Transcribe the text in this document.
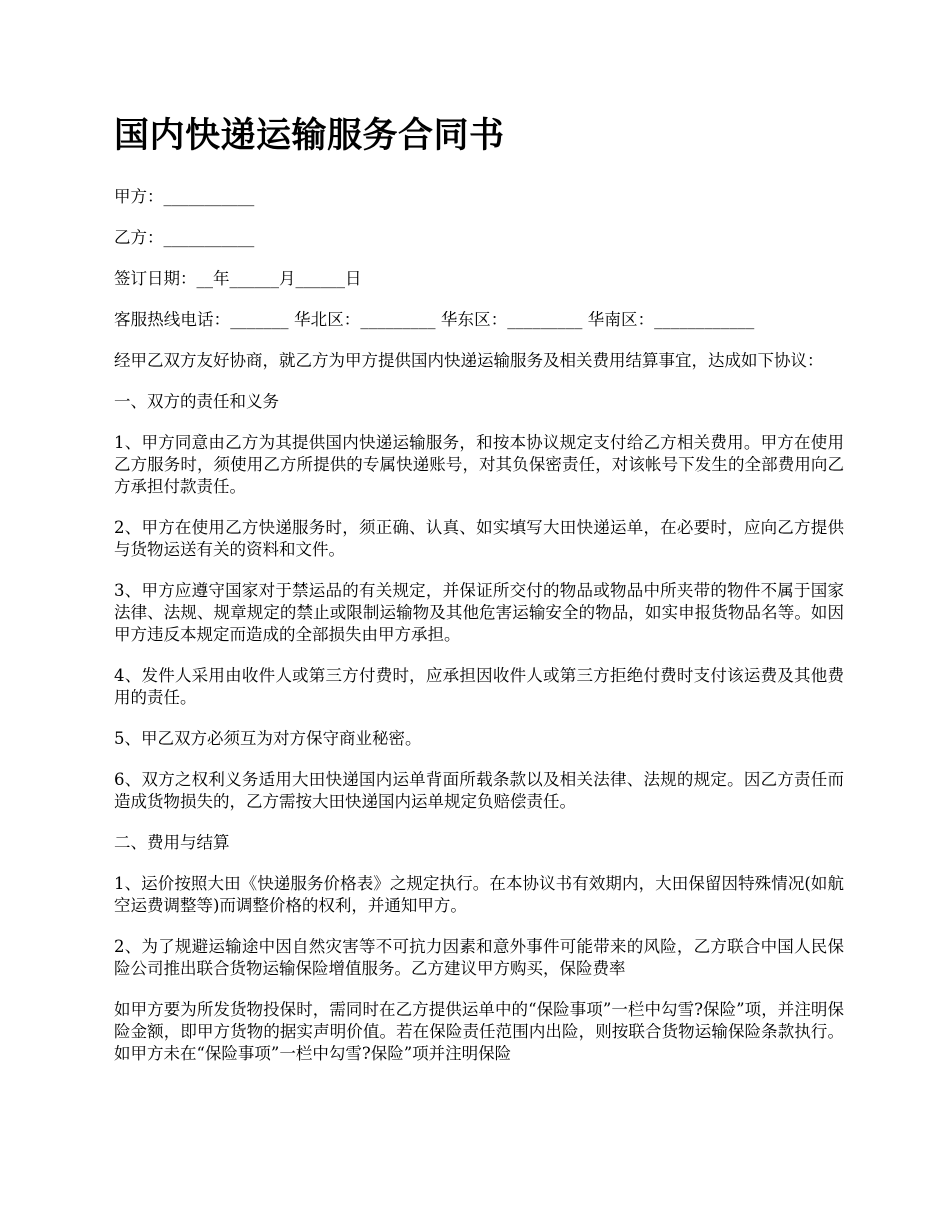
国内快递运输服务合同书

甲方：___________

乙方：___________

签订日期：__年______月______日

客服热线电话：_______ 华北区：_________ 华东区：_________ 华南区：____________

经甲乙双方友好协商，就乙方为甲方提供国内快递运输服务及相关费用结算事宜，达成如下协议：

一、双方的责任和义务

1、甲方同意由乙方为其提供国内快递运输服务，和按本协议规定支付给乙方相关费用。甲方在使用乙方服务时，须使用乙方所提供的专属快递账号，对其负保密责任，对该帐号下发生的全部费用向乙方承担付款责任。

2、甲方在使用乙方快递服务时，须正确、认真、如实填写大田快递运单，在必要时，应向乙方提供与货物运送有关的资料和文件。

3、甲方应遵守国家对于禁运品的有关规定，并保证所交付的物品或物品中所夹带的物件不属于国家法律、法规、规章规定的禁止或限制运输物及其他危害运输安全的物品，如实申报货物品名等。如因甲方违反本规定而造成的全部损失由甲方承担。

4、发件人采用由收件人或第三方付费时，应承担因收件人或第三方拒绝付费时支付该运费及其他费用的责任。

5、甲乙双方必须互为对方保守商业秘密。

6、双方之权利义务适用大田快递国内运单背面所载条款以及相关法律、法规的规定。因乙方责任而造成货物损失的，乙方需按大田快递国内运单规定负赔偿责任。

二、费用与结算

1、运价按照大田《快递服务价格表》之规定执行。在本协议书有效期内，大田保留因特殊情况(如航空运费调整等)而调整价格的权利，并通知甲方。

2、为了规避运输途中因自然灾害等不可抗力因素和意外事件可能带来的风险，乙方联合中国人民保险公司推出联合货物运输保险增值服务。乙方建议甲方购买，保险费率

如甲方要为所发货物投保时，需同时在乙方提供运单中的“保险事项”一栏中勾雪?保险”项，并注明保险金额，即甲方货物的据实声明价值。若在保险责任范围内出险，则按联合货物运输保险条款执行。如甲方未在“保险事项”一栏中勾雪?保险”项并注明保险
